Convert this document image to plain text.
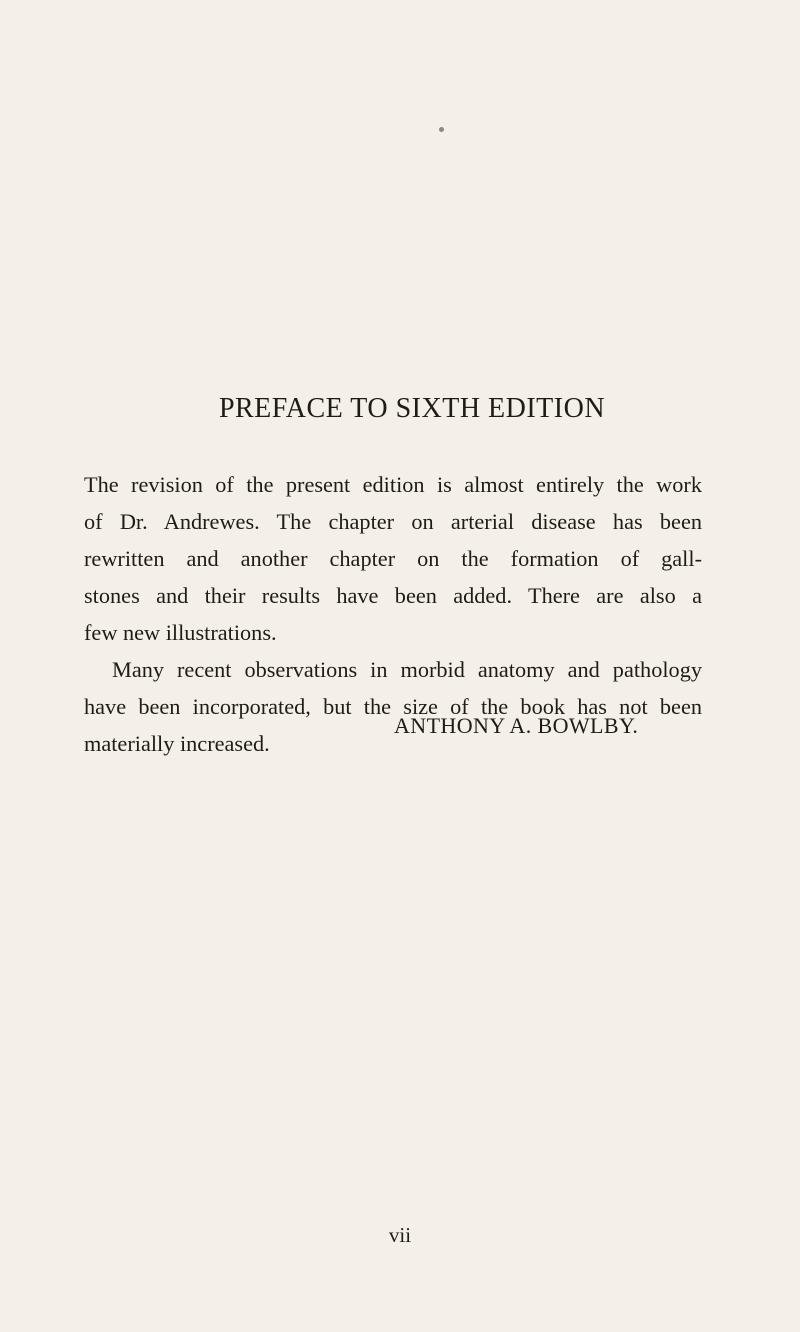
PREFACE TO SIXTH EDITION
The revision of the present edition is almost entirely the work
of Dr. Andrewes. The chapter on arterial disease has been
rewritten and another chapter on the formation of gall-
stones and their results have been added. There are also a
few new illustrations.
Many recent observations in morbid anatomy and pathology
have been incorporated, but the size of the book has not been
materially increased.

ANTHONY A. BOWLBY.

vii
